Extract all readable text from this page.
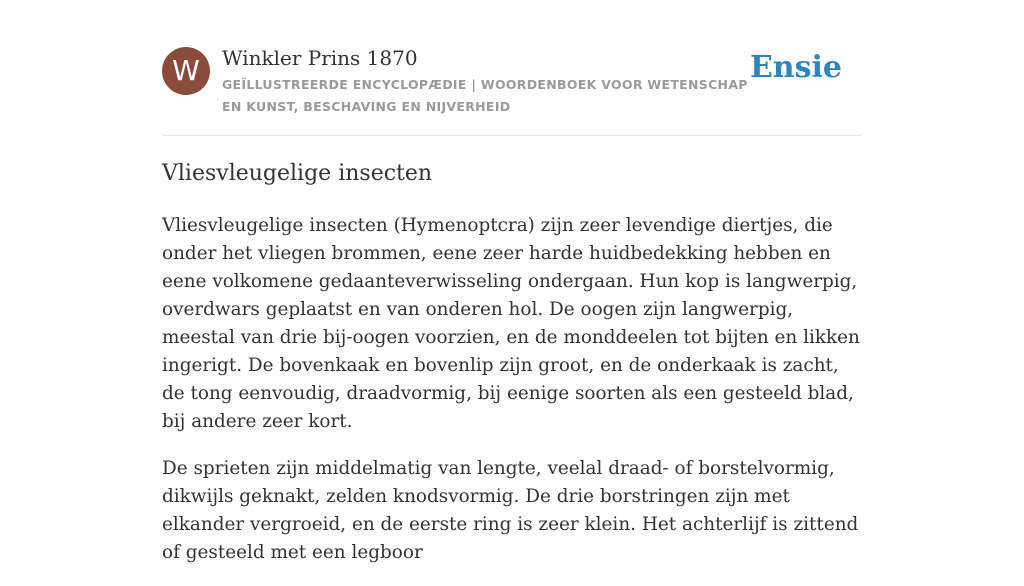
W	Winkler Prins 1870
GEÏLLUSTREERDE ENCYCLOPÆDIE | WOORDENBOEK VOOR WETENSCHAP EN KUNST, BESCHAVING EN NIJVERHEID
Ensie
Vliesvleugelige insecten

Vliesvleugelige insecten (Hymenoptcra) zijn zeer levendige diertjes, die onder het vliegen brommen, eene zeer harde huidbedekking hebben en eene volkomene gedaanteverwisseling ondergaan. Hun kop is langwerpig, overdwars geplaatst en van onderen hol. De oogen zijn langwerpig, meestal van drie bij-oogen voorzien, en de monddeelen tot bijten en likken ingerigt. De bovenkaak en bovenlip zijn groot, en de onderkaak is zacht, de tong eenvoudig, draadvormig, bij eenige soorten als een gesteeld blad, bij andere zeer kort.

De sprieten zijn middelmatig van lengte, veelal draad- of borstelvormig, dikwijls geknakt, zelden knodsvormig. De drie borstringen zijn met elkander vergroeid, en de eerste ring is zeer klein. Het achterlijf is zittend of gesteeld met een legboor
